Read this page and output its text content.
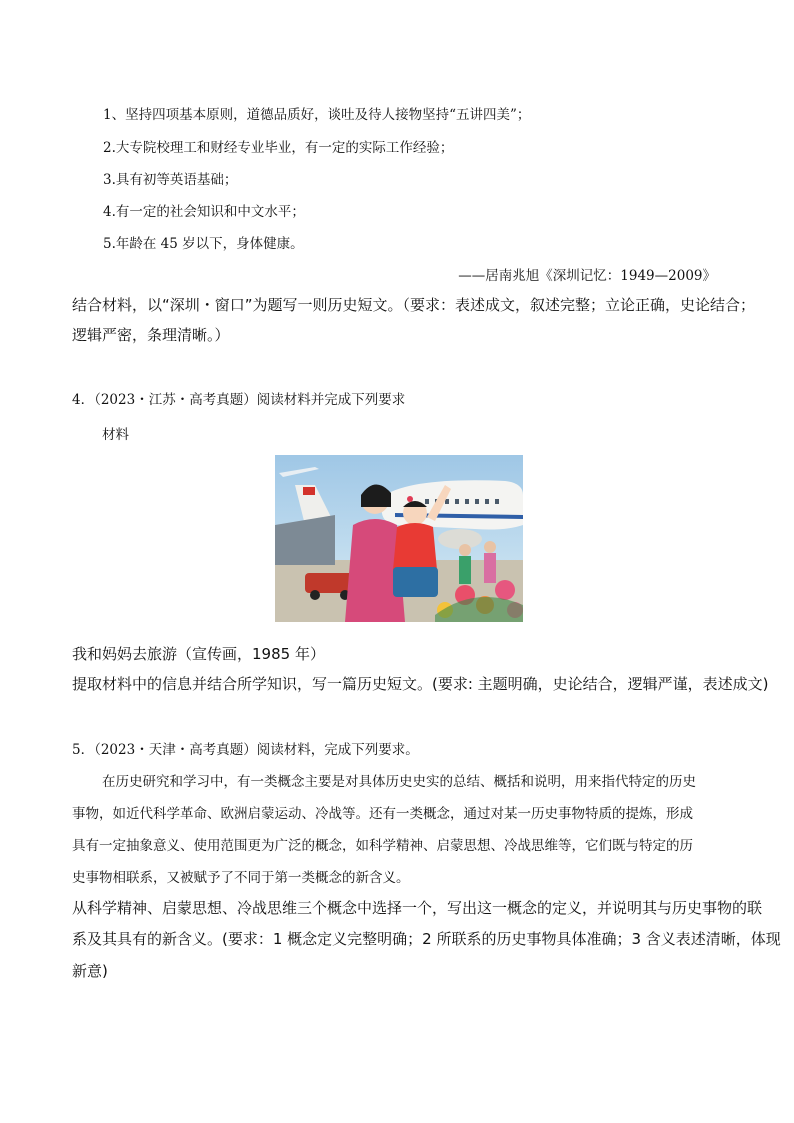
1、坚持四项基本原则，道德品质好，谈吐及待人接物坚持“五讲四美”；
2.大专院校理工和财经专业毕业，有一定的实际工作经验；
3.具有初等英语基础；
4.有一定的社会知识和中文水平；
5.年龄在 45 岁以下，身体健康。
——居南兆旭《深圳记忆：1949—2009》
结合材料，以“深圳・窗口”为题写一则历史短文。（要求：表述成文，叙述完整；立论正确，史论结合；
逻辑严密，条理清晰。）
4．（2023・江苏・高考真题）阅读材料并完成下列要求
材料
我和妈妈去旅游（宣传画，1985 年）
提取材料中的信息并结合所学知识，写一篇历史短文。(要求: 主题明确，史论结合，逻辑严谨，表述成文)
5．（2023・天津・高考真题）阅读材料，完成下列要求。
在历史研究和学习中，有一类概念主要是对具体历史史实的总结、概括和说明，用来指代特定的历史
事物，如近代科学革命、欧洲启蒙运动、冷战等。还有一类概念，通过对某一历史事物特质的提炼，形成
具有一定抽象意义、使用范围更为广泛的概念，如科学精神、启蒙思想、冷战思维等，它们既与特定的历
史事物相联系，又被赋予了不同于第一类概念的新含义。
从科学精神、启蒙思想、冷战思维三个概念中选择一个，写出这一概念的定义，并说明其与历史事物的联
系及其具有的新含义。(要求：1 概念定义完整明确；2 所联系的历史事物具体准确；3 含义表述清晰，体现
新意)
